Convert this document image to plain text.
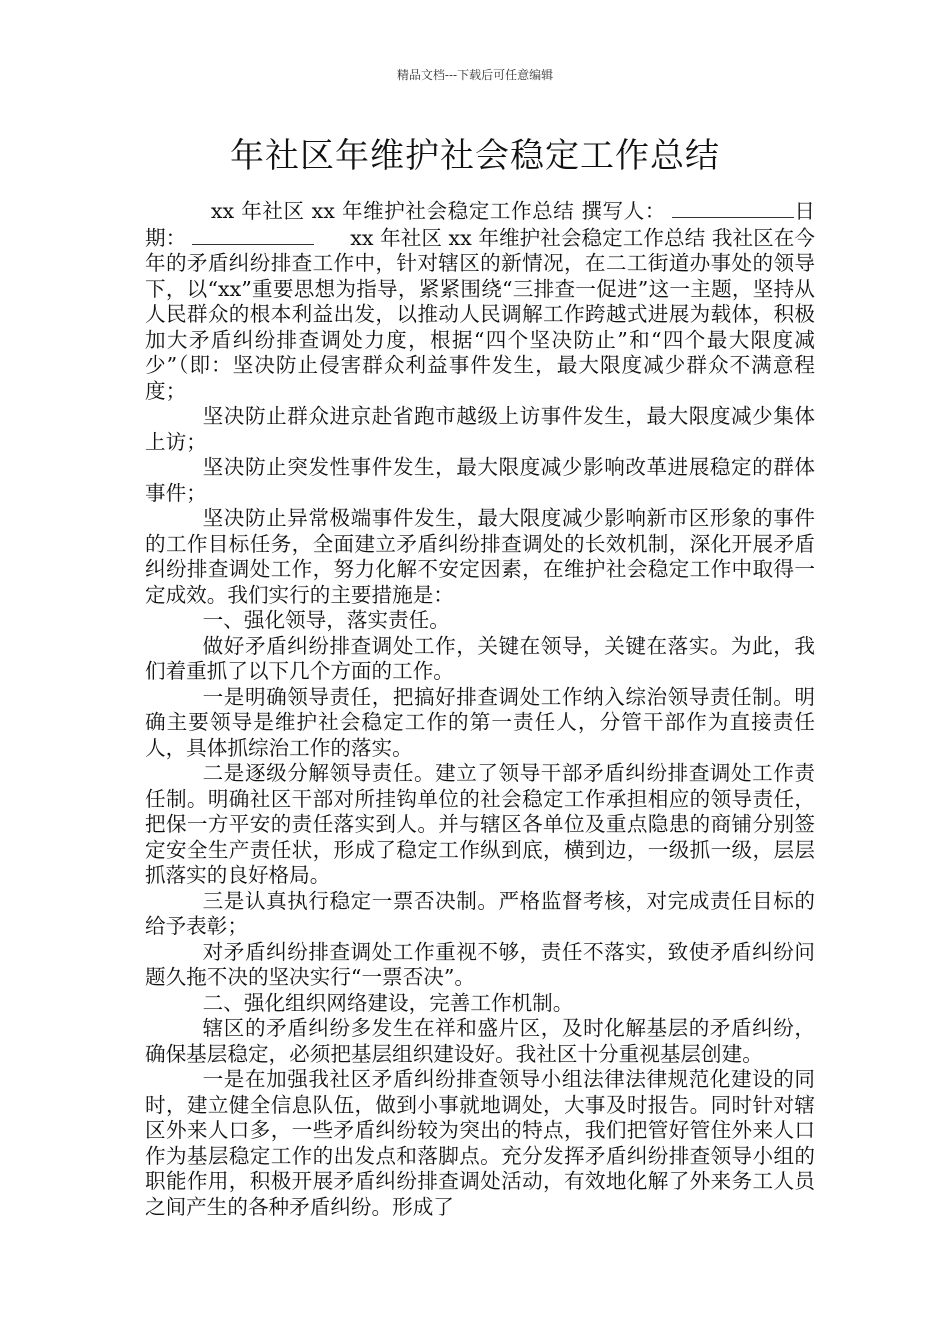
精品文档---下载后可任意编辑
年社区年维护社会稳定工作总结

xx 年社区 xx 年维护社会稳定工作总结 撰写人：	日 期：	xx 年社区 xx 年维护社会稳定工作总结 我社区在今年的矛盾纠纷排查工作中，针对辖区的新情况，在二工街道办事处的领导下，以“xx”重要思想为指导，紧紧围绕“三排查一促进”这一主题，坚持从人民群众的根本利益出发，以推动人民调解工作跨越式进展为载体，积极加大矛盾纠纷排查调处力度，根据“四个坚决防止”和“四个最大限度减少”（即：坚决防止侵害群众利益事件发生，最大限度减少群众不满意程度；

坚决防止群众进京赴省跑市越级上访事件发生，最大限度减少集体上访；

坚决防止突发性事件发生，最大限度减少影响改革进展稳定的群体事件；

坚决防止异常极端事件发生，最大限度减少影响新市区形象的事件的工作目标任务，全面建立矛盾纠纷排查调处的长效机制，深化开展矛盾纠纷排查调处工作，努力化解不安定因素，在维护社会稳定工作中取得一定成效。我们实行的主要措施是：

一、强化领导，落实责任。

做好矛盾纠纷排查调处工作，关键在领导，关键在落实。为此，我们着重抓了以下几个方面的工作。

一是明确领导责任，把搞好排查调处工作纳入综治领导责任制。明确主要领导是维护社会稳定工作的第一责任人，分管干部作为直接责任人，具体抓综治工作的落实。

二是逐级分解领导责任。建立了领导干部矛盾纠纷排查调处工作责任制。明确社区干部对所挂钩单位的社会稳定工作承担相应的领导责任，把保一方平安的责任落实到人。并与辖区各单位及重点隐患的商铺分别签定安全生产责任状，形成了稳定工作纵到底，横到边，一级抓一级，层层抓落实的良好格局。

三是认真执行稳定一票否决制。严格监督考核，对完成责任目标的给予表彰；

对矛盾纠纷排查调处工作重视不够，责任不落实，致使矛盾纠纷问题久拖不决的坚决实行“一票否决”。

二、强化组织网络建设，完善工作机制。

辖区的矛盾纠纷多发生在祥和盛片区，及时化解基层的矛盾纠纷，确保基层稳定，必须把基层组织建设好。我社区十分重视基层创建。

一是在加强我社区矛盾纠纷排查领导小组法律法律规范化建设的同时，建立健全信息队伍，做到小事就地调处，大事及时报告。同时针对辖区外来人口多，一些矛盾纠纷较为突出的特点，我们把管好管住外来人口作为基层稳定工作的出发点和落脚点。充分发挥矛盾纠纷排查领导小组的职能作用，积极开展矛盾纠纷排查调处活动，有效地化解了外来务工人员之间产生的各种矛盾纠纷。形成了
